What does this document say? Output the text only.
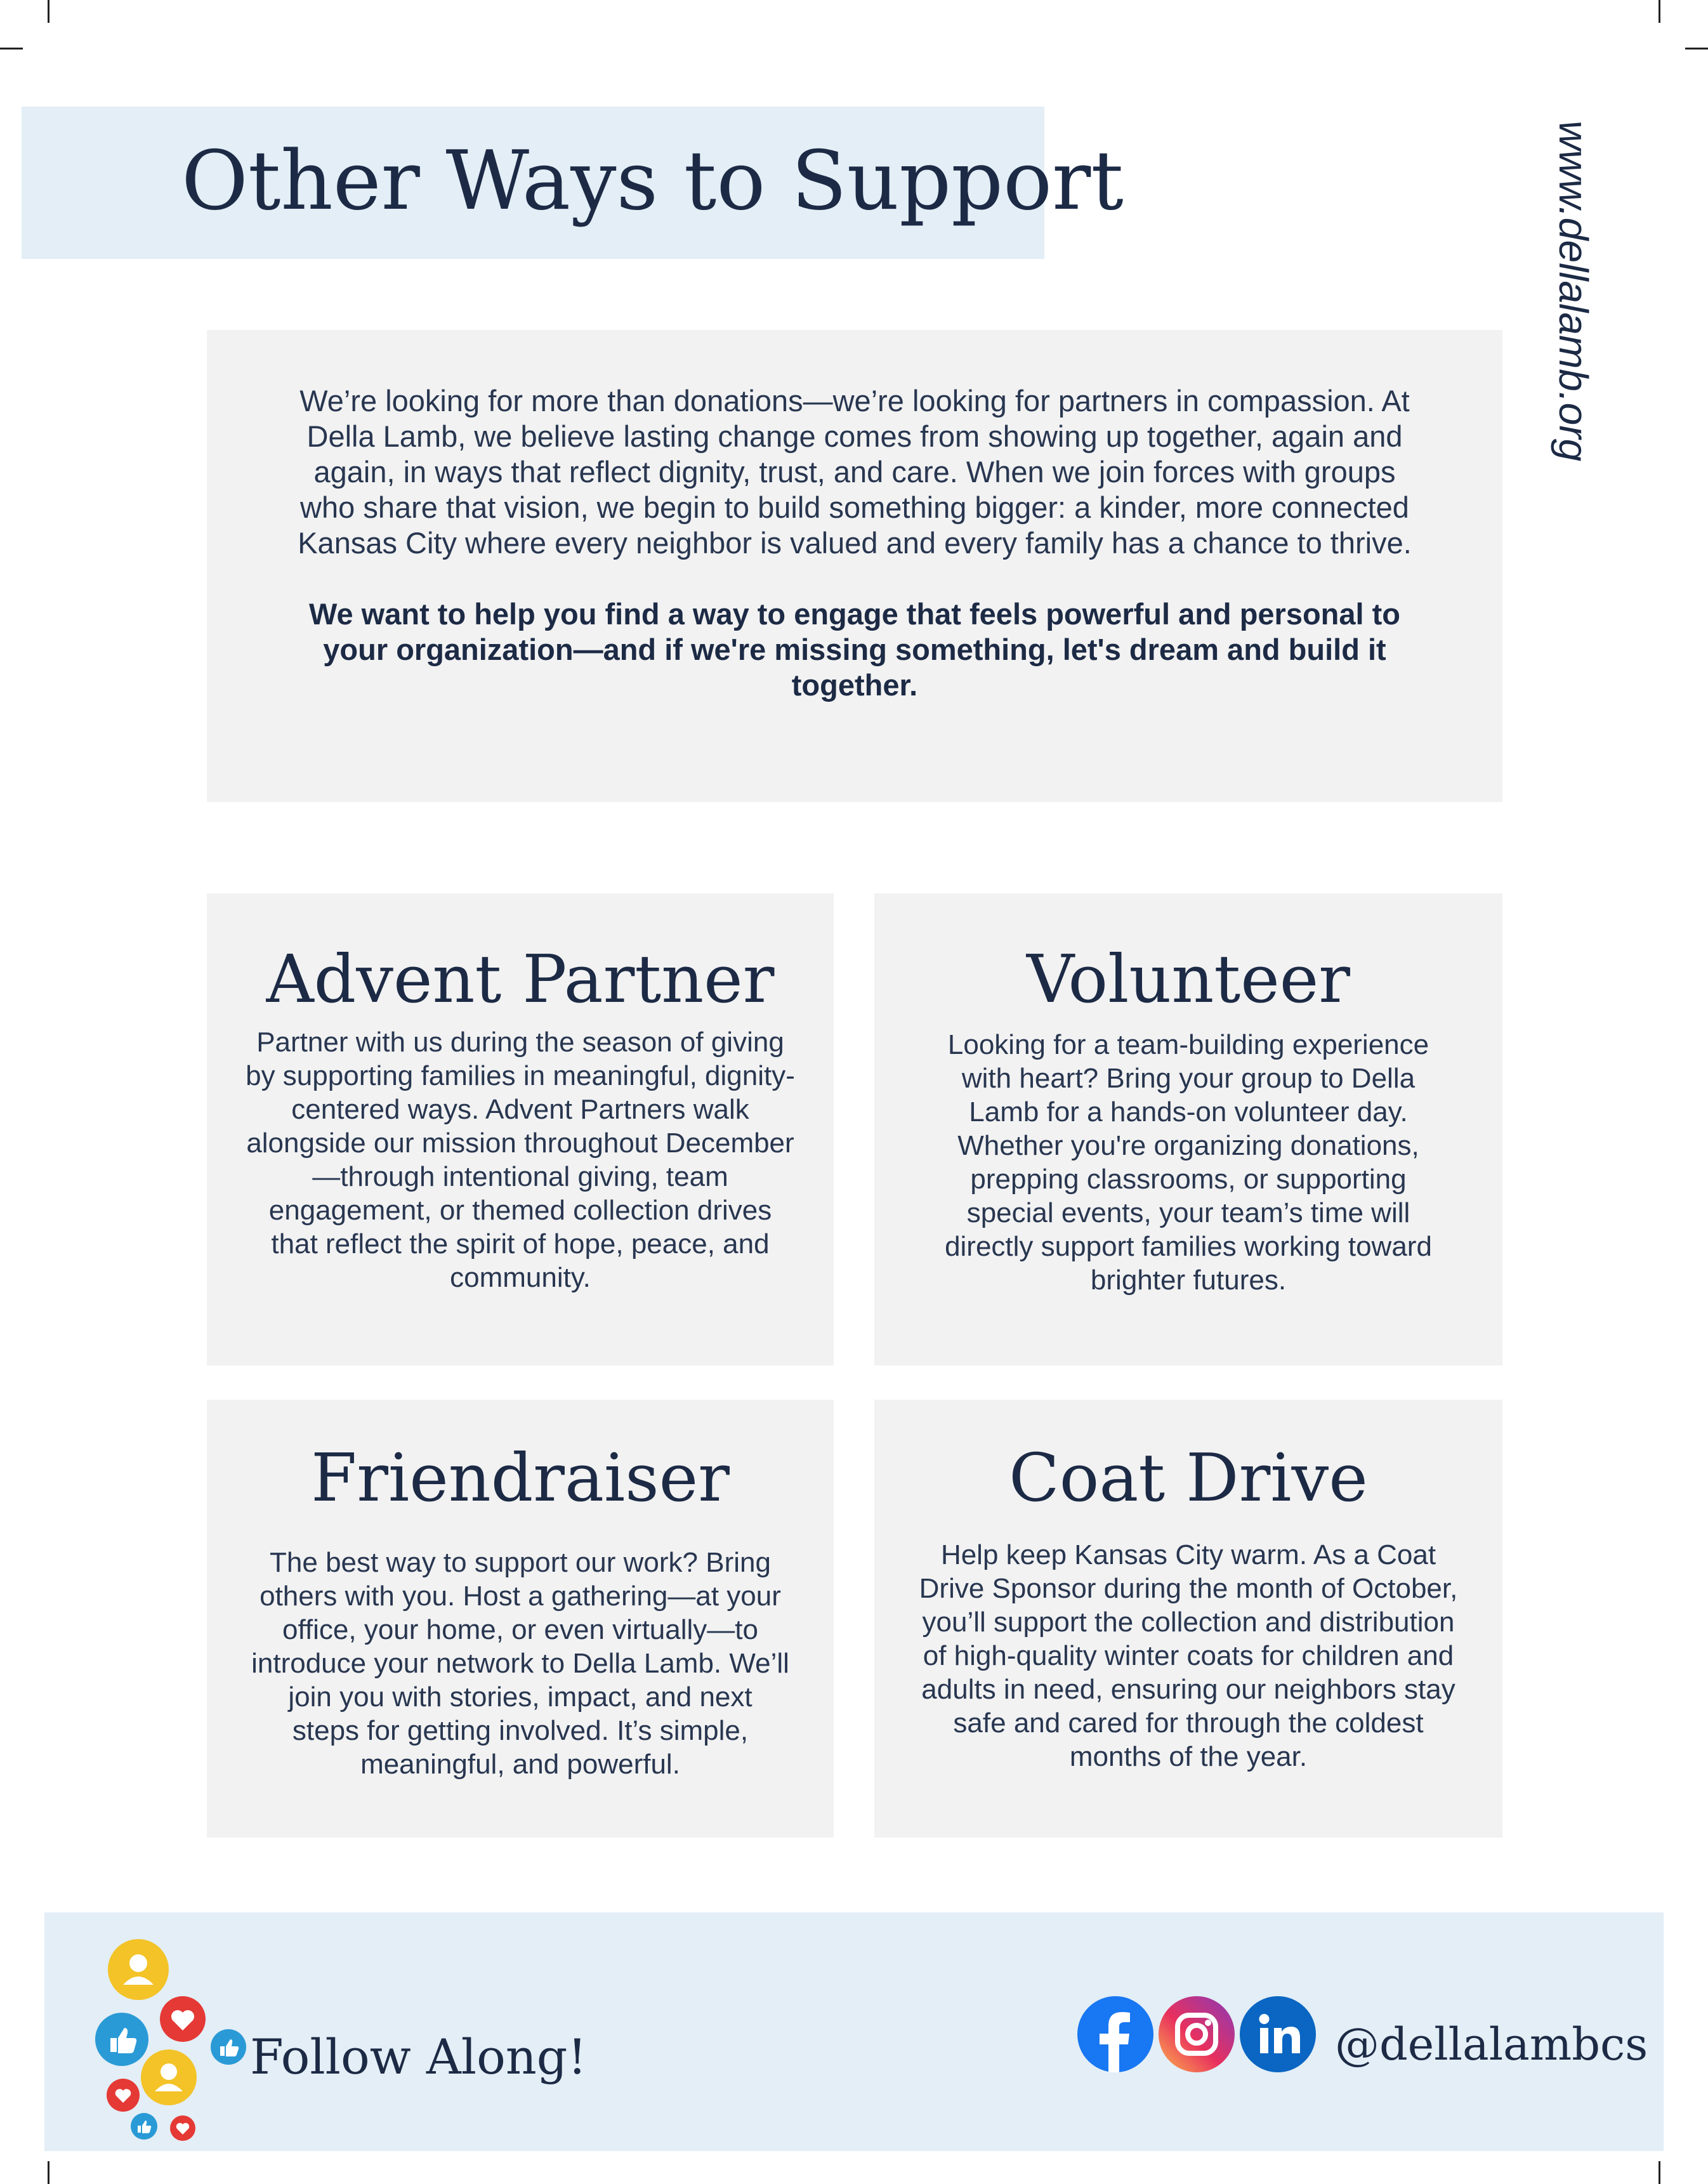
Other Ways to Support	www.dellalamb.org

We’re looking for more than donations—we’re looking for partners in compassion. At Della Lamb, we believe lasting change comes from showing up together, again and again, in ways that reflect dignity, trust, and care. When we join forces with groups who share that vision, we begin to build something bigger: a kinder, more connected Kansas City where every neighbor is valued and every family has a chance to thrive.

We want to help you find a way to engage that feels powerful and personal to your organization—and if we're missing something, let's dream and build it together.

Advent Partner

Partner with us during the season of giving by supporting families in meaningful, dignity-centered ways. Advent Partners walk alongside our mission throughout December—through intentional giving, team engagement, or themed collection drives that reflect the spirit of hope, peace, and community.

Volunteer

Looking for a team-building experience with heart? Bring your group to Della Lamb for a hands-on volunteer day. Whether you're organizing donations, prepping classrooms, or supporting special events, your team’s time will directly support families working toward brighter futures.

Friendraiser

The best way to support our work? Bring others with you. Host a gathering—at your office, your home, or even virtually—to introduce your network to Della Lamb. We’ll join you with stories, impact, and next steps for getting involved. It’s simple, meaningful, and powerful.

Coat Drive

Help keep Kansas City warm. As a Coat Drive Sponsor during the month of October, you’ll support the collection and distribution of high-quality winter coats for children and adults in need, ensuring our neighbors stay safe and cared for through the coldest months of the year.

Follow Along!	@dellalambcs
